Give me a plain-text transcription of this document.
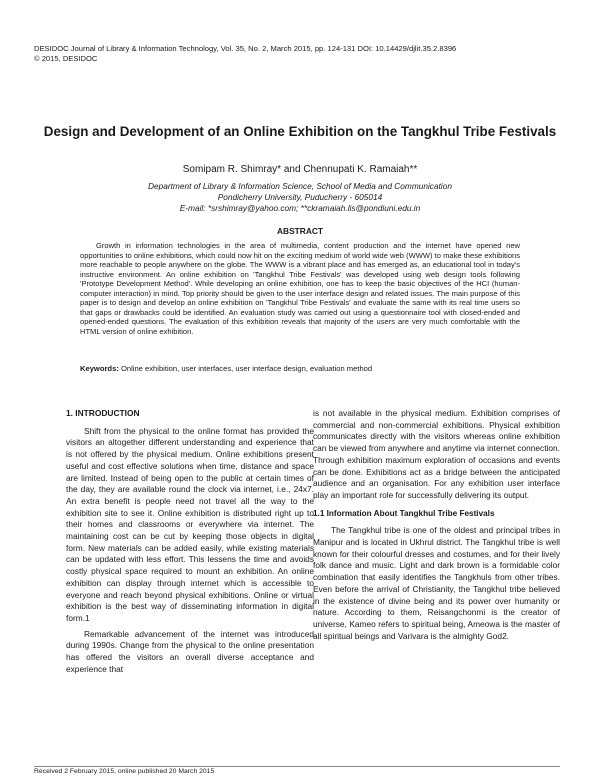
DESIDOC Journal of Library & Information Technology, Vol. 35, No. 2, March 2015, pp. 124-131 DOI: 10.14429/djlit.35.2.8396
© 2015, DESIDOC
Design and Development of an Online Exhibition on the Tangkhul Tribe Festivals
Somipam R. Shimray* and Chennupati K. Ramaiah**
Department of Library & Information Science, School of Media and Communication
Pondicherry University, Puducherry - 605014
E-mail: *srshimray@yahoo.com; **ckramaiah.lis@pondiuni.edu.in
ABSTRACT
Growth in information technologies in the area of multimedia, content production and the internet have opened new opportunities to online exhibitions, which could now hit on the exciting medium of world wide web (WWW) to make these exhibitions more reachable to people anywhere on the globe. The WWW is a vibrant place and has emerged as, an educational tool in today's instructive environment. An online exhibition on 'Tangkhul Tribe Festivals' was developed using web design tools following 'Prototype Development Method'. While developing an online exhibition, one has to keep the basic objectives of the HCI (human-computer interaction) in mind. Top priority should be given to the user interface design and related issues. The main purpose of this paper is to design and develop an online exhibition on 'Tangkhul Tribe Festivals' and evaluate the same with its real time users so that gaps or drawbacks could be identified. An evaluation study was carried out using a questionnaire tool with closed-ended and opened-ended questions. The evaluation of this exhibition reveals that majority of the users are very much comfortable with the HTML version of online exhibition.
Keywords: Online exhibition, user interfaces, user interface design, evaluation method
1. INTRODUCTION

Shift from the physical to the online format has provided the visitors an altogether different understanding and experience that is not offered by the physical medium. Online exhibitions present useful and cost effective solutions when time, distance and space are limited. Instead of being open to the public at certain times of the day, they are available round the clock via internet, i.e., 24x7. An extra benefit is people need not travel all the way to the exhibition site to see it. Online exhibition is distributed right up to their homes and classrooms or everywhere via internet. The maintaining cost can be cut by keeping those objects in digital form. New materials can be added easily, while existing materials can be updated with less effort. This lessens the time and avoids costly physical space required to mount an exhibition. An online exhibition can display through internet which is accessible to everyone and reach beyond physical exhibitions. Online or virtual exhibition is the best way of disseminating information in digital form.1

Remarkable advancement of the internet was introduced during 1990s. Change from the physical to the online presentation has offered the visitors an overall diverse acceptance and experience that

is not available in the physical medium. Exhibition comprises of commercial and non-commercial exhibitions. Physical exhibition communicates directly with the visitors whereas online exhibition can be viewed from anywhere and anytime via internet connection. Through exhibition maximum exploration of occasions and events can be done. Exhibitions act as a bridge between the anticipated audience and an organisation. For any exhibition user interface play an important role for successfully delivering its output.

1.1 Information About Tangkhul Tribe Festivals

The Tangkhul tribe is one of the oldest and principal tribes in Manipur and is located in Ukhrul district. The Tangkhul tribe is well known for their colourful dresses and costumes, and for their lively folk dance and music. Light and dark brown is a formidable color combination that easily identifies the Tangkhuls from other tribes. Even before the arrival of Christianity, the Tangkhul tribe believed in the existence of divine being and its power over humanity or nature. According to them, Reisangchonmi is the creator of universe, Kameo refers to spiritual being, Ameowa is the master of all spiritual beings and Varivara is the almighty God2.

Received 2 February 2015, online published 20 March 2015
